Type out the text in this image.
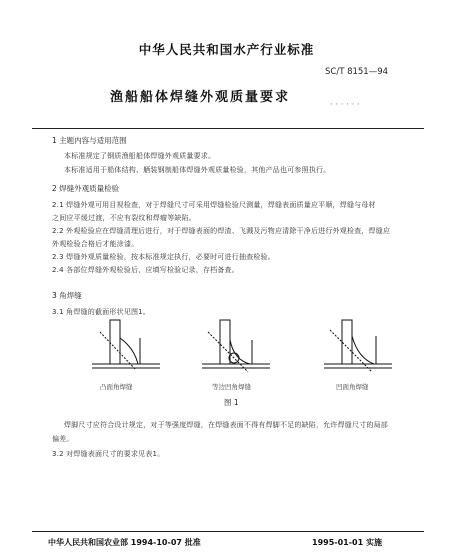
中华人民共和国水产行业标准
SC/T 8151—94
· · · · · ·
渔船船体焊缝外观质量要求
1 主题内容与适用范围
本标准规定了钢质渔船船体焊缝外观质量要求。
本标准适用于船体结构、舾装钢制船体焊缝外观质量检验，其他产品也可参照执行。
2 焊缝外观质量检验
2.1 焊缝外观可用目视检查，对于焊缝尺寸可采用焊缝检验尺测量，焊缝表面质量应平顺，焊缝与母材
之间应平缓过渡，不应有裂纹和焊瘤等缺陷。
2.2 外观检验应在焊缝清理后进行，对于焊缝表面的焊渣、飞溅及污物应清除干净后进行外观检查，焊缝应
外观检验合格后才能涂漆。
2.3 焊缝外观质量检验，按本标准规定执行，必要时可进行抽查检验。
2.4 各部位焊缝外观检验后，应填写检验记录，存档备查。
3 角焊缝
3.1 角焊缝的截面形状见图1。
凸面角焊缝	等边凹角焊缝	凹面角焊缝
图 1
焊脚尺寸应符合设计规定，对于等强度焊缝，在焊缝表面不得有焊脚不足的缺陷，允许焊缝尺寸的局部
偏差。
3.2 对焊缝表面尺寸的要求见表1。
中华人民共和国农业部 1994-10-07 批准	1995-01-01 实施
